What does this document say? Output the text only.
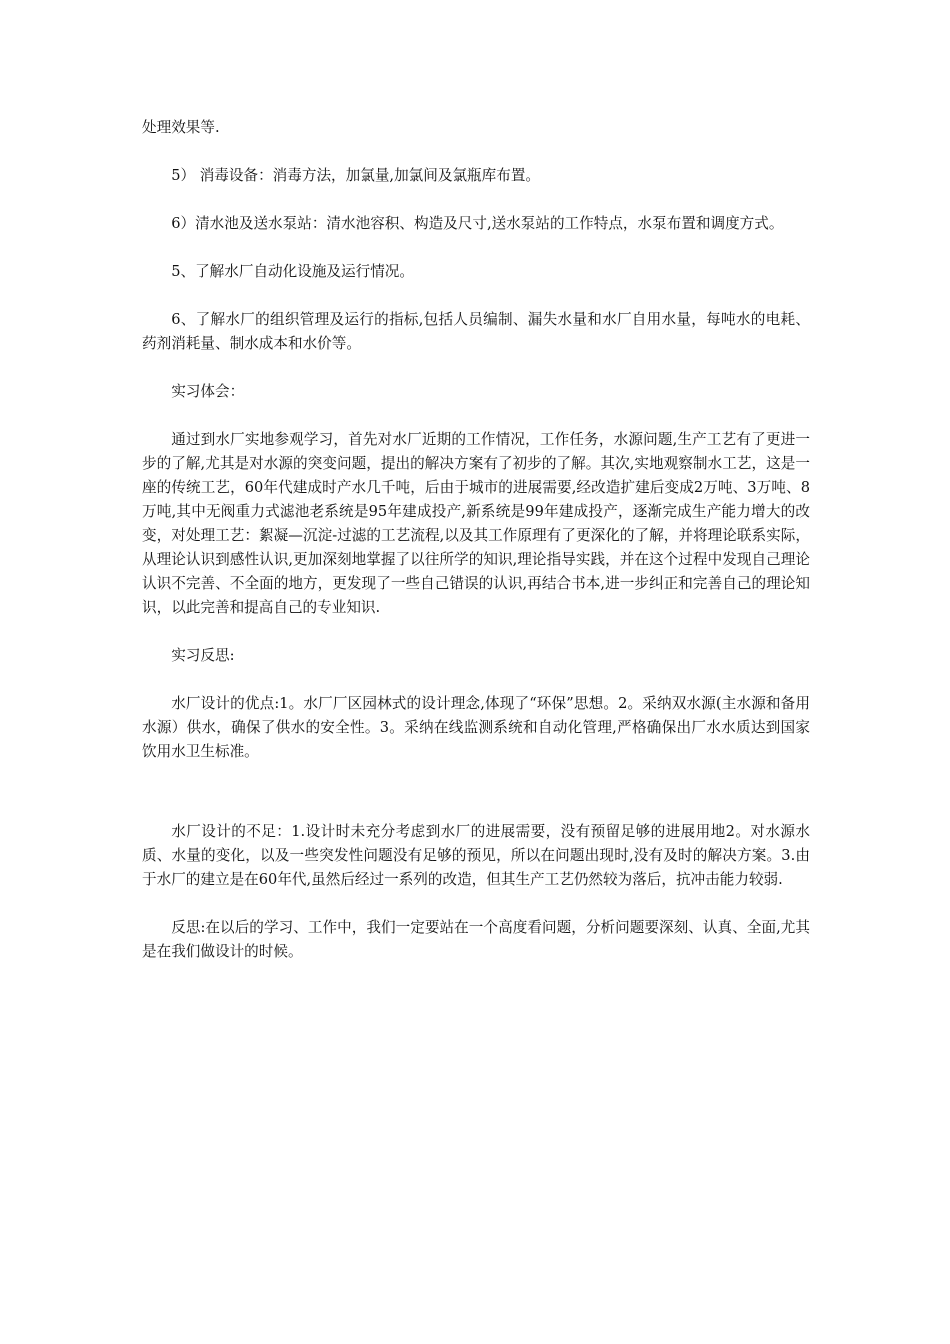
处理效果等.

5） 消毒设备：消毒方法，加氯量,加氯间及氯瓶库布置。

6）清水池及送水泵站：清水池容积、构造及尺寸,送水泵站的工作特点，水泵布置和调度方式。

5、了解水厂自动化设施及运行情况。

6、了解水厂的组织管理及运行的指标,包括人员编制、漏失水量和水厂自用水量，每吨水的电耗、药剂消耗量、制水成本和水价等。

实习体会：

通过到水厂实地参观学习，首先对水厂近期的工作情况，工作任务，水源问题,生产工艺有了更进一步的了解,尤其是对水源的突变问题，提出的解决方案有了初步的了解。其次,实地观察制水工艺，这是一座的传统工艺，60年代建成时产水几千吨，后由于城市的进展需要,经改造扩建后变成2万吨、3万吨、8万吨,其中无阀重力式滤池老系统是95年建成投产,新系统是99年建成投产，逐渐完成生产能力增大的改变，对处理工艺：絮凝—沉淀-过滤的工艺流程,以及其工作原理有了更深化的了解，并将理论联系实际，从理论认识到感性认识,更加深刻地掌握了以往所学的知识,理论指导实践，并在这个过程中发现自己理论认识不完善、不全面的地方，更发现了一些自己错误的认识,再结合书本,进一步纠正和完善自己的理论知识，以此完善和提高自己的专业知识.

实习反思:

水厂设计的优点:1。水厂厂区园林式的设计理念,体现了“环保”思想。2。采纳双水源(主水源和备用水源）供水，确保了供水的安全性。3。采纳在线监测系统和自动化管理,严格确保出厂水水质达到国家饮用水卫生标准。

水厂设计的不足：1.设计时未充分考虑到水厂的进展需要，没有预留足够的进展用地2。对水源水质、水量的变化，以及一些突发性问题没有足够的预见，所以在问题出现时,没有及时的解决方案。3.由于水厂的建立是在60年代,虽然后经过一系列的改造，但其生产工艺仍然较为落后，抗冲击能力较弱.

反思:在以后的学习、工作中，我们一定要站在一个高度看问题，分析问题要深刻、认真、全面,尤其是在我们做设计的时候。
